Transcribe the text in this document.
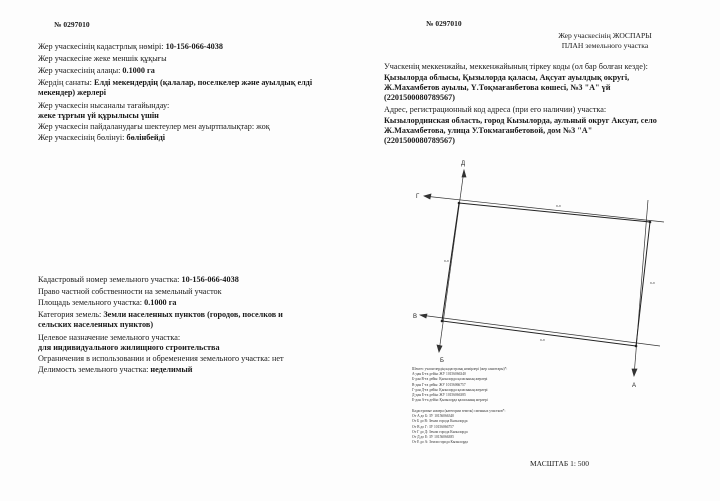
№ 0297010
Жер учаскесінің кадастрлық нөмірі: 10-156-066-4038
Жер учаскесіне жеке меншік құқығы
Жер учаскесінің алаңы: 0.1000 га
Жердің санаты: Елді мекендердің (қалалар, поселкелер және ауылдық елді
мекендер) жерлері
Жер учаскесін нысаналы тағайындау:
жеке тұрғын үй құрылысы үшін
Жер учаскесін пайдаланудағы шектеулер мен ауыртпалықтар: жоқ
Жер учаскесінің бөлінуі: бөлінбейді
Кадастровый номер земельного участка: 10-156-066-4038
Право частной собственности на земельный участок
Площадь земельного участка: 0.1000 га
Категория земель: Земли населенных пунктов (городов, поселков и
сельских населенных пунктов)
Целевое назначение земельного участка:
для индивидуального жилищного строительства
Ограничения в использовании и обременения земельного участка: нет
Делимость земельного участка: неделимый
№ 0297010
Жер учаскесінің ЖОСПАРЫ
ПЛАН земельного участка
Учаскенің меккенжайы, меккенжайының тіркеу коды (ол бар болған кезде):
Қызылорда облысы, Қызылорда қаласы, Ақсуат ауылдық округі,
Ж.Махамбетов ауылы, Ү.Тоқмағанбетова көшесі, №3 "А" үй
(2201500080789567)
Адрес, регистрационный код адреса (при его наличии) участка:
Кызылординская область, город Кызылорда, аульный округ Аксуат, село
Ж.Махамбетова, улица У.Токмаганбетовой, дом №3 "А"
(2201500080789567)
Д
Г
В
Б
А
х-х
х-х
х-х
х-х
Шектес учаскелердің кадастрлық нөмірлері (жер санаттары)*:
А-дан Б-ға дейін: ЖУ 10156066340
Б-дан В-ға дейін: Қызылорда қаласының жерлері
В-дан Г-ға дейін: ЖУ 10156066757
Г-дан Д-ға дейін: Қызылорда қаласының жерлері
Д-дан Е-ға дейін: ЖУ 10156066385
Е-дан А-ға дейін: Қызылорда қаласының жерлері
Кадастровые номера (категории земель) смежных участков*:
От А до Б: ЗУ 10156066340
От Б до В: Земли города Кызылорда
От В до Г: ЗУ 10156066757
От Г до Д: Земли города Кызылорда
От Д до Е: ЗУ 10156066385
От Е до А: Земли города Кызылорда
МАСШТАБ 1: 500
